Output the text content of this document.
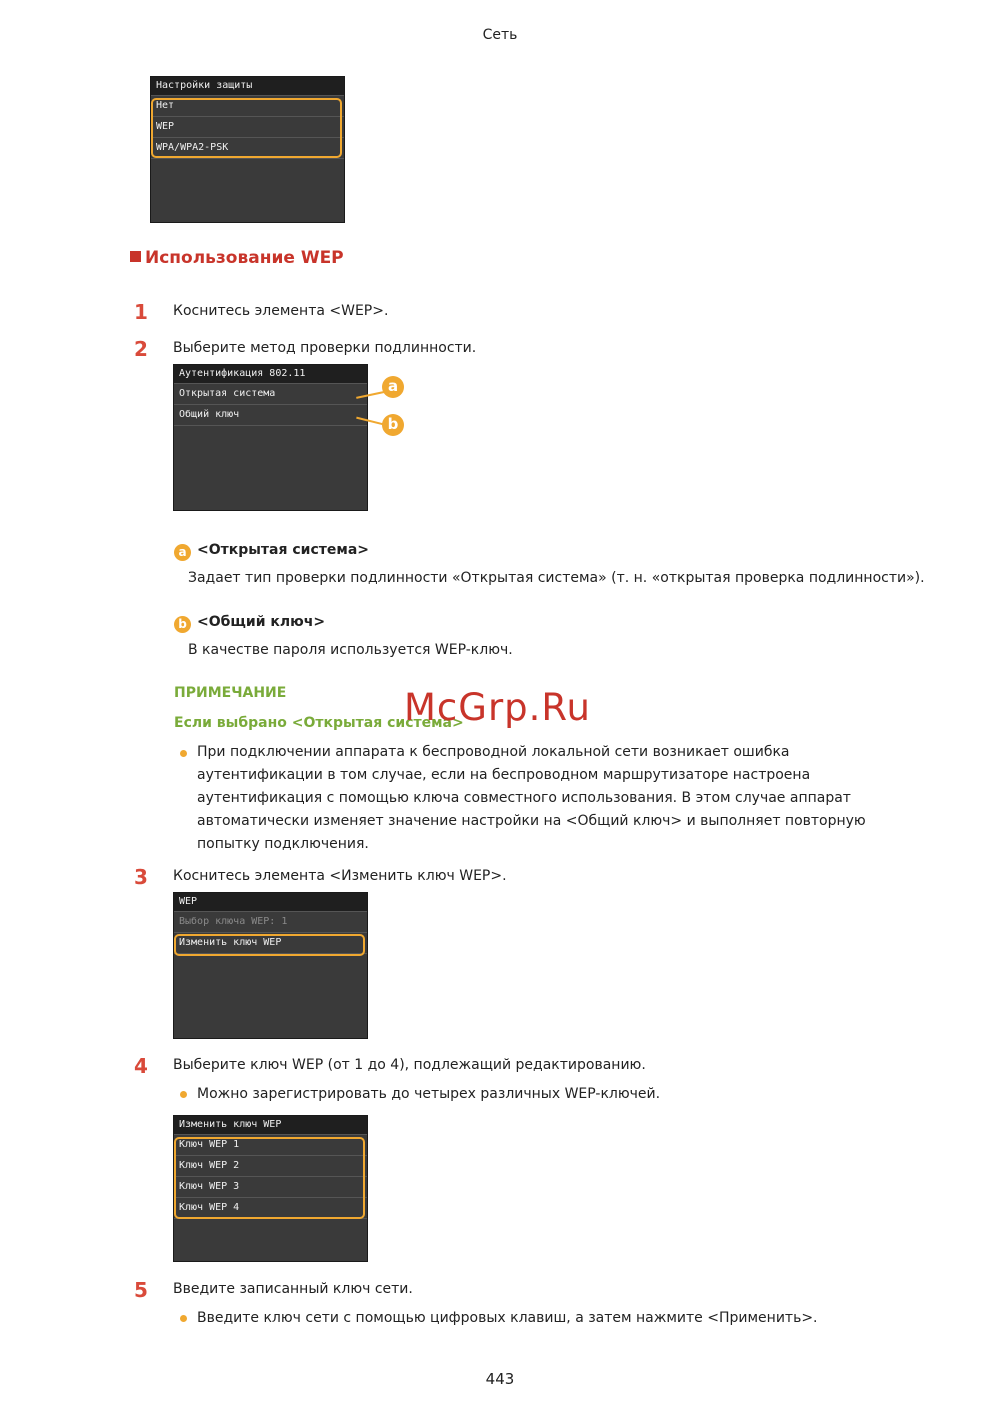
Сеть
Настройки защиты
Нет
WEP
WPA/WPA2-PSK
Использование WEP
1	Коснитесь элемента <WEP>.
2	Выберите метод проверки подлинности.
Аутентификация 802.11
Открытая система
Общий ключ
a
b
a <Открытая система>
Задает тип проверки подлинности «Открытая система» (т. н. «открытая проверка подлинности»).
b <Общий ключ>
В качестве пароля используется WEP-ключ.
ПРИМЕЧАНИЕ
Если выбрано <Открытая система>
При подключении аппарата к беспроводной локальной сети возникает ошибка аутентификации в том случае, если на беспроводном маршрутизаторе настроена аутентификация с помощью ключа совместного использования. В этом случае аппарат автоматически изменяет значение настройки на <Общий ключ> и выполняет повторную попытку подключения.
McGrp.Ru
3	Коснитесь элемента <Изменить ключ WEP>.
WEP
Выбор ключа WEP: 1
Изменить ключ WEP
4	Выберите ключ WEP (от 1 до 4), подлежащий редактированию.
Можно зарегистрировать до четырех различных WEP-ключей.
Изменить ключ WEP
Ключ WEP 1
Ключ WEP 2
Ключ WEP 3
Ключ WEP 4
5	Введите записанный ключ сети.
Введите ключ сети с помощью цифровых клавиш, а затем нажмите <Применить>.
443
